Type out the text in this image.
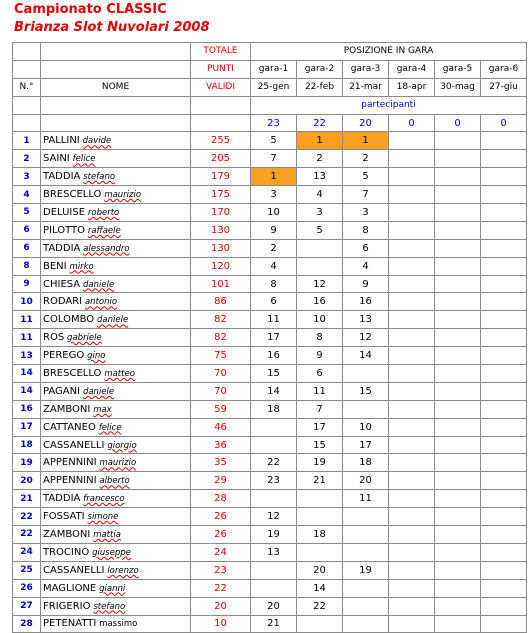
Campionato CLASSIC
Brianza Slot Nuvolari 2008
		TOTALE	POSIZIONE IN GARA					
		PUNTI	gara-1	gara-2	gara-3	gara-4	gara-5	gara-6
N.°	NOME	VALIDI	25-gen	22-feb	21-mar	18-apr	30-mag	27-giu
			partecipanti					
			23	22	20	0	0	0
1	PALLINI davide	255	5	1	1			
2	SAINI felice	205	7	2	2			
3	TADDIA stefano	179	1	13	5			
4	BRESCELLO maurizio	175	3	4	7			
5	DELUISE roberto	170	10	3	3			
6	PILOTTO raffaele	130	9	5	8			
6	TADDIA alessandro	130	2		6			
8	BENI mirko	120	4		4			
9	CHIESA daniele	101	8	12	9			
10	RODARI antonio	86	6	16	16			
11	COLOMBO daniele	82	11	10	13			
11	ROS gabriele	82	17	8	12			
13	PEREGO gino	75	16	9	14			
14	BRESCELLO matteo	70	15	6				
14	PAGANI daniele	70	14	11	15			
16	ZAMBONI max	59	18	7				
17	CATTANEO felice	46		17	10			
18	CASSANELLI giorgio	36		15	17			
19	APPENNINI maurizio	35	22	19	18			
20	APPENNINI alberto	29	23	21	20			
21	TADDIA francesco	28			11			
22	FOSSATI simone	26	12					
22	ZAMBONI mattia	26	19	18				
24	TROCINO giuseppe	24	13					
25	CASSANELLI lorenzo	23		20	19			
26	MAGLIONE gianni	22		14				
27	FRIGERIO stefano	20	20	22				
28	PETENATTI massimo	10	21					
